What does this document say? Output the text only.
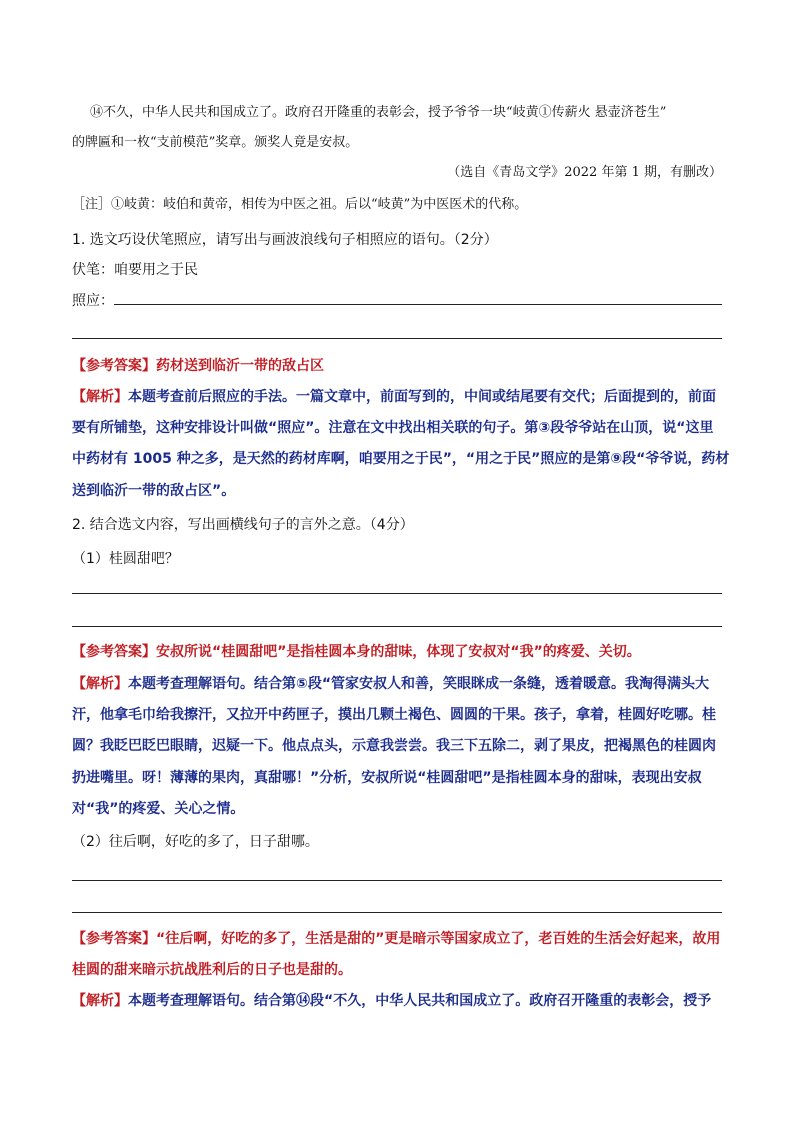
⑭不久，中华人民共和国成立了。政府召开隆重的表彰会，授予爷爷一块“岐黄①传薪火 悬壶济苍生”
的牌匾和一枚“支前模范”奖章。颁奖人竟是安叔。
（选自《青岛文学》2022 年第 1 期，有删改）
［注］①岐黄：岐伯和黄帝，相传为中医之祖。后以“岐黄”为中医医术的代称。
1. 选文巧设伏笔照应，请写出与画波浪线句子相照应的语句。（2分）
伏笔：咱要用之于民
照应：
【参考答案】药材送到临沂一带的敌占区
【解析】本题考查前后照应的手法。一篇文章中，前面写到的，中间或结尾要有交代；后面提到的，前面
要有所铺垫，这种安排设计叫做“照应”。注意在文中找出相关联的句子。第③段爷爷站在山顶，说“这里
中药材有 1005 种之多，是天然的药材库啊，咱要用之于民”，“用之于民”照应的是第⑨段“爷爷说，药材
送到临沂一带的敌占区”。
2. 结合选文内容，写出画横线句子的言外之意。（4分）
（1）桂圆甜吧？
【参考答案】安叔所说“桂圆甜吧”是指桂圆本身的甜味，体现了安叔对“我”的疼爱、关切。
【解析】本题考查理解语句。结合第⑤段“管家安叔人和善，笑眼眯成一条缝，透着暖意。我淘得满头大
汗，他拿毛巾给我擦汗，又拉开中药匣子，摸出几颗土褐色、圆圆的干果。孩子，拿着，桂圆好吃哪。桂
圆？我眨巴眨巴眼睛，迟疑一下。他点点头，示意我尝尝。我三下五除二，剥了果皮，把褐黑色的桂圆肉
扔进嘴里。呀！薄薄的果肉，真甜哪！”分析，安叔所说“桂圆甜吧”是指桂圆本身的甜味，表现出安叔
对“我”的疼爱、关心之情。
（2）往后啊，好吃的多了，日子甜哪。
【参考答案】“往后啊，好吃的多了，生活是甜的”更是暗示等国家成立了，老百姓的生活会好起来，故用
桂圆的甜来暗示抗战胜利后的日子也是甜的。
【解析】本题考查理解语句。结合第⑭段“不久，中华人民共和国成立了。政府召开隆重的表彰会，授予
